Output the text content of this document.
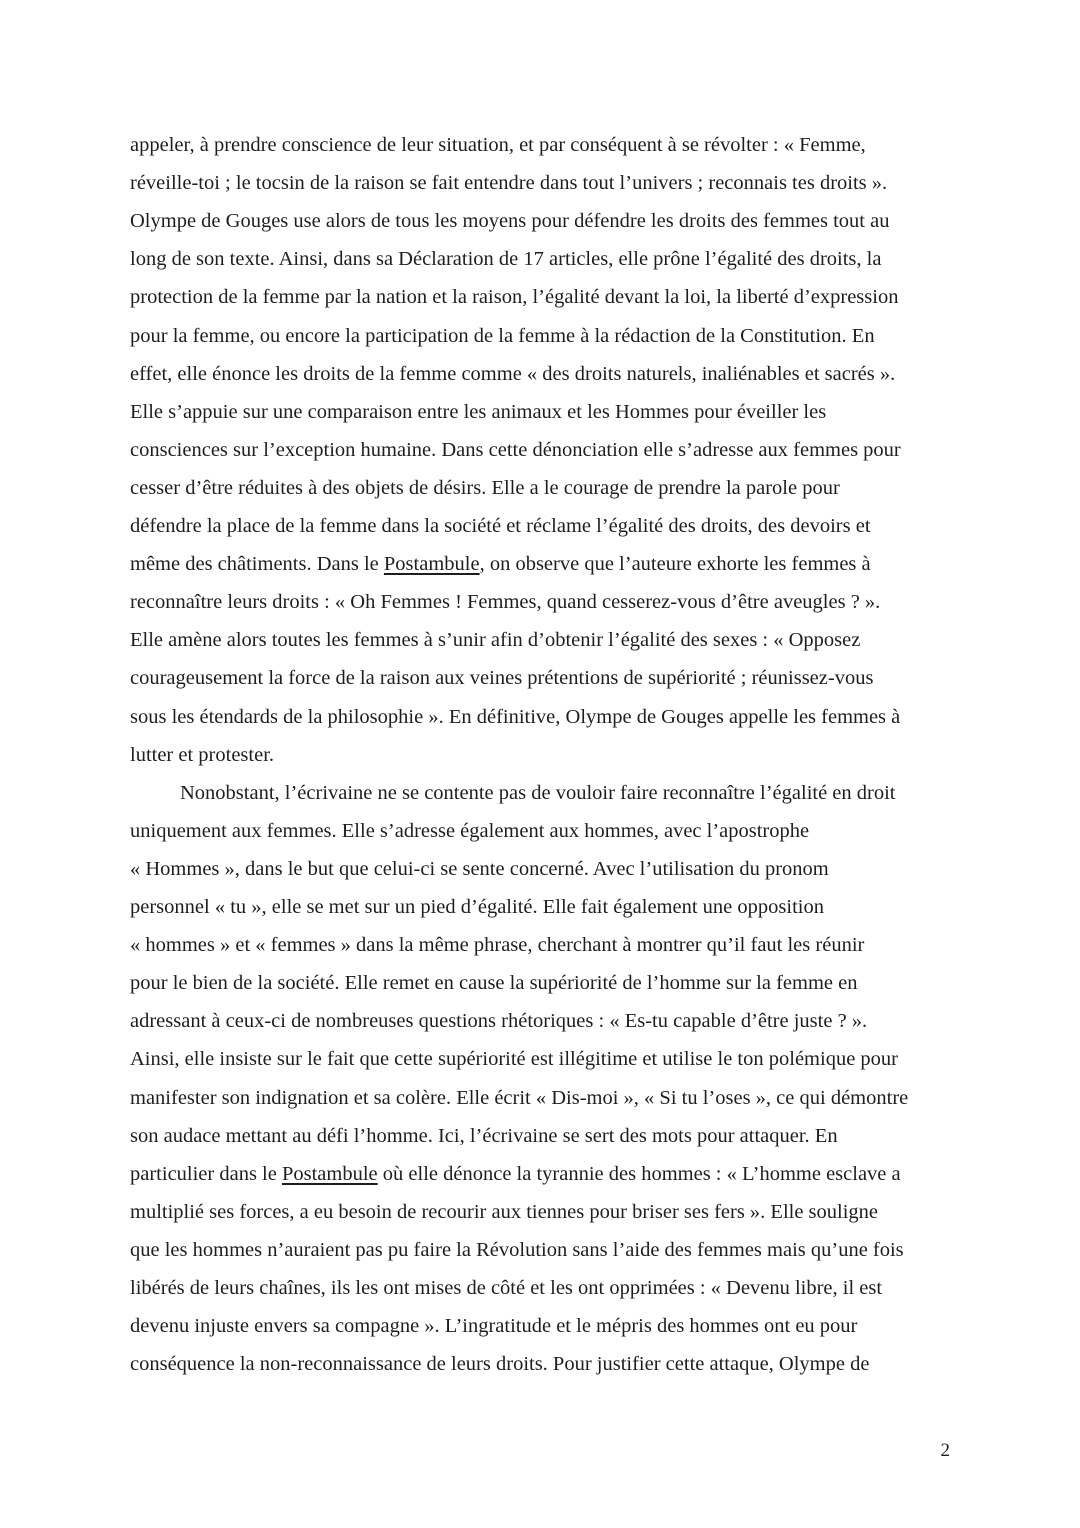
appeler, à prendre conscience de leur situation, et par conséquent à se révolter : « Femme,
réveille-toi ; le tocsin de la raison se fait entendre dans tout l’univers ; reconnais tes droits ».
Olympe de Gouges use alors de tous les moyens pour défendre les droits des femmes tout au
long de son texte. Ainsi, dans sa Déclaration de 17 articles, elle prône l’égalité des droits, la
protection de la femme par la nation et la raison, l’égalité devant la loi, la liberté d’expression
pour la femme, ou encore la participation de la femme à la rédaction de la Constitution. En
effet, elle énonce les droits de la femme comme « des droits naturels, inaliénables et sacrés ».
Elle s’appuie sur une comparaison entre les animaux et les Hommes pour éveiller les
consciences sur l’exception humaine. Dans cette dénonciation elle s’adresse aux femmes pour
cesser d’être réduites à des objets de désirs. Elle a le courage de prendre la parole pour
défendre la place de la femme dans la société et réclame l’égalité des droits, des devoirs et
même des châtiments. Dans le Postambule, on observe que l’auteure exhorte les femmes à
reconnaître leurs droits : « Oh Femmes ! Femmes, quand cesserez-vous d’être aveugles ? ».
Elle amène alors toutes les femmes à s’unir afin d’obtenir l’égalité des sexes : « Opposez
courageusement la force de la raison aux veines prétentions de supériorité ; réunissez-vous
sous les étendards de la philosophie ». En définitive, Olympe de Gouges appelle les femmes à
lutter et protester.
Nonobstant, l’écrivaine ne se contente pas de vouloir faire reconnaître l’égalité en droit
uniquement aux femmes. Elle s’adresse également aux hommes, avec l’apostrophe
« Hommes », dans le but que celui-ci se sente concerné. Avec l’utilisation du pronom
personnel « tu », elle se met sur un pied d’égalité. Elle fait également une opposition
« hommes » et « femmes » dans la même phrase, cherchant à montrer qu’il faut les réunir
pour le bien de la société. Elle remet en cause la supériorité de l’homme sur la femme en
adressant à ceux-ci de nombreuses questions rhétoriques : « Es-tu capable d’être juste ? ».
Ainsi, elle insiste sur le fait que cette supériorité est illégitime et utilise le ton polémique pour
manifester son indignation et sa colère. Elle écrit « Dis-moi », « Si tu l’oses », ce qui démontre
son audace mettant au défi l’homme. Ici, l’écrivaine se sert des mots pour attaquer. En
particulier dans le Postambule où elle dénonce la tyrannie des hommes : « L’homme esclave a
multiplié ses forces, a eu besoin de recourir aux tiennes pour briser ses fers ». Elle souligne
que les hommes n’auraient pas pu faire la Révolution sans l’aide des femmes mais qu’une fois
libérés de leurs chaînes, ils les ont mises de côté et les ont opprimées : « Devenu libre, il est
devenu injuste envers sa compagne ». L’ingratitude et le mépris des hommes ont eu pour
conséquence la non-reconnaissance de leurs droits. Pour justifier cette attaque, Olympe de
2
